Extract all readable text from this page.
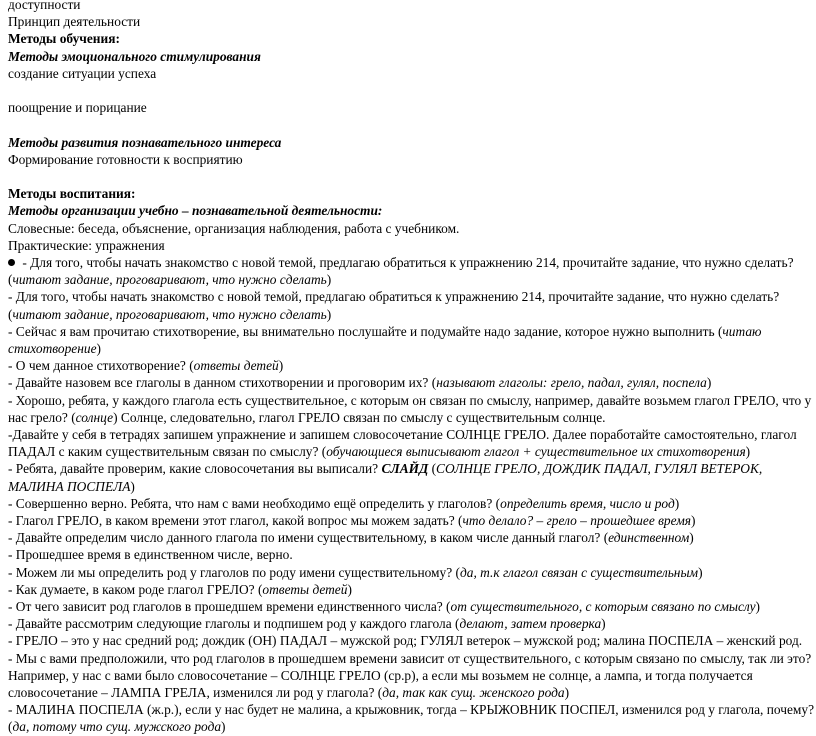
доступности
Принцип деятельности
Методы обучения:
Методы эмоционального стимулирования
создание ситуации успеха
поощрение и порицание
Методы развития познавательного интереса
Формирование готовности к восприятию
Методы воспитания:
Методы организации учебно – познавательной деятельности:
Словесные: беседа, объяснение, организация наблюдения, работа с учебником.
Практические: упражнения
- Для того, чтобы начать знакомство с новой темой, предлагаю обратиться к упражнению 214, прочитайте задание, что нужно сделать?
(читают задание, проговаривают, что нужно сделать)
- Для того, чтобы начать знакомство с новой темой, предлагаю обратиться к упражнению 214, прочитайте задание, что нужно сделать?
(читают задание, проговаривают, что нужно сделать)
- Сейчас я вам прочитаю стихотворение, вы внимательно послушайте и подумайте надо задание, которое нужно выполнить (читаю
стихотворение)
- О чем данное стихотворение? (ответы детей)
- Давайте назовем все глаголы в данном стихотворении и проговорим их? (называют глаголы: грело, падал, гулял, поспела)
- Хорошо, ребята, у каждого глагола есть существительное, с которым он связан по смыслу, например, давайте возьмем глагол ГРЕЛО, что у
нас грело? (солнце) Солнце, следовательно, глагол ГРЕЛО связан по смыслу с существительным солнце.
-Давайте у себя в тетрадях запишем упражнение и запишем словосочетание СОЛНЦЕ ГРЕЛО. Далее поработайте самостоятельно, глагол
ПАДАЛ с каким существительным связан по смыслу? (обучающиеся выписывают глагол + существительное их стихотворения)
- Ребята, давайте проверим, какие словосочетания вы выписали? СЛАЙД (СОЛНЦЕ ГРЕЛО, ДОЖДИК ПАДАЛ, ГУЛЯЛ ВЕТЕРОК,
МАЛИНА ПОСПЕЛА)
- Совершенно верно. Ребята, что нам с вами необходимо ещё определить у глаголов? (определить время, число и род)
- Глагол ГРЕЛО, в каком времени этот глагол, какой вопрос мы можем задать? (что делало? – грело – прошедшее время)
- Давайте определим число данного глагола по имени существительному, в каком числе данный глагол? (единственном)
- Прошедшее время в единственном числе, верно.
- Можем ли мы определить род у глаголов по роду имени существительному? (да, т.к глагол связан с существительным)
- Как думаете, в каком роде глагол ГРЕЛО? (ответы детей)
- От чего зависит род глаголов в прошедшем времени единственного числа? (от существительного, с которым связано по смыслу)
- Давайте рассмотрим следующие глаголы и подпишем род у каждого глагола (делают, затем проверка)
- ГРЕЛО – это у нас средний род; дождик (ОН) ПАДАЛ – мужской род; ГУЛЯЛ ветерок – мужской род; малина ПОСПЕЛА – женский род.
- Мы с вами предположили, что род глаголов в прошедшем времени зависит от существительного, с которым связано по смыслу, так ли это?
Например, у нас с вами было словосочетание – СОЛНЦЕ ГРЕЛО (ср.р), а если мы возьмем не солнце, а лампа, и тогда получается
словосочетание – ЛАМПА ГРЕЛА, изменился ли род у глагола? (да, так как сущ. женского рода)
- МАЛИНА ПОСПЕЛА (ж.р.), если у нас будет не малина, а крыжовник, тогда – КРЫЖОВНИК ПОСПЕЛ, изменился род у глагола, почему?
(да, потому что сущ. мужского рода)
